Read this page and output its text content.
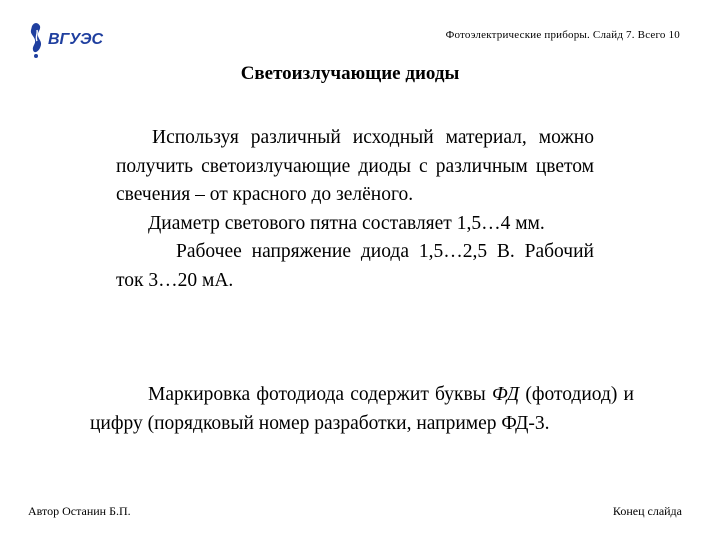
ВГУЭС	Фотоэлектрические приборы. Слайд 7. Всего 10
Светоизлучающие диоды
Используя различный исходный материал, можно получить светоизлучающие диоды с различным цветом свечения – от красного до зелёного.
Диаметр светового пятна составляет 1,5…4 мм.
Рабочее напряжение диода 1,5…2,5 В. Рабочий ток 3…20 мА.
Маркировка фотодиода содержит буквы ФД (фотодиод) и цифру (порядковый номер разработки, например ФД-3.
Автор Останин Б.П.	Конец слайда
